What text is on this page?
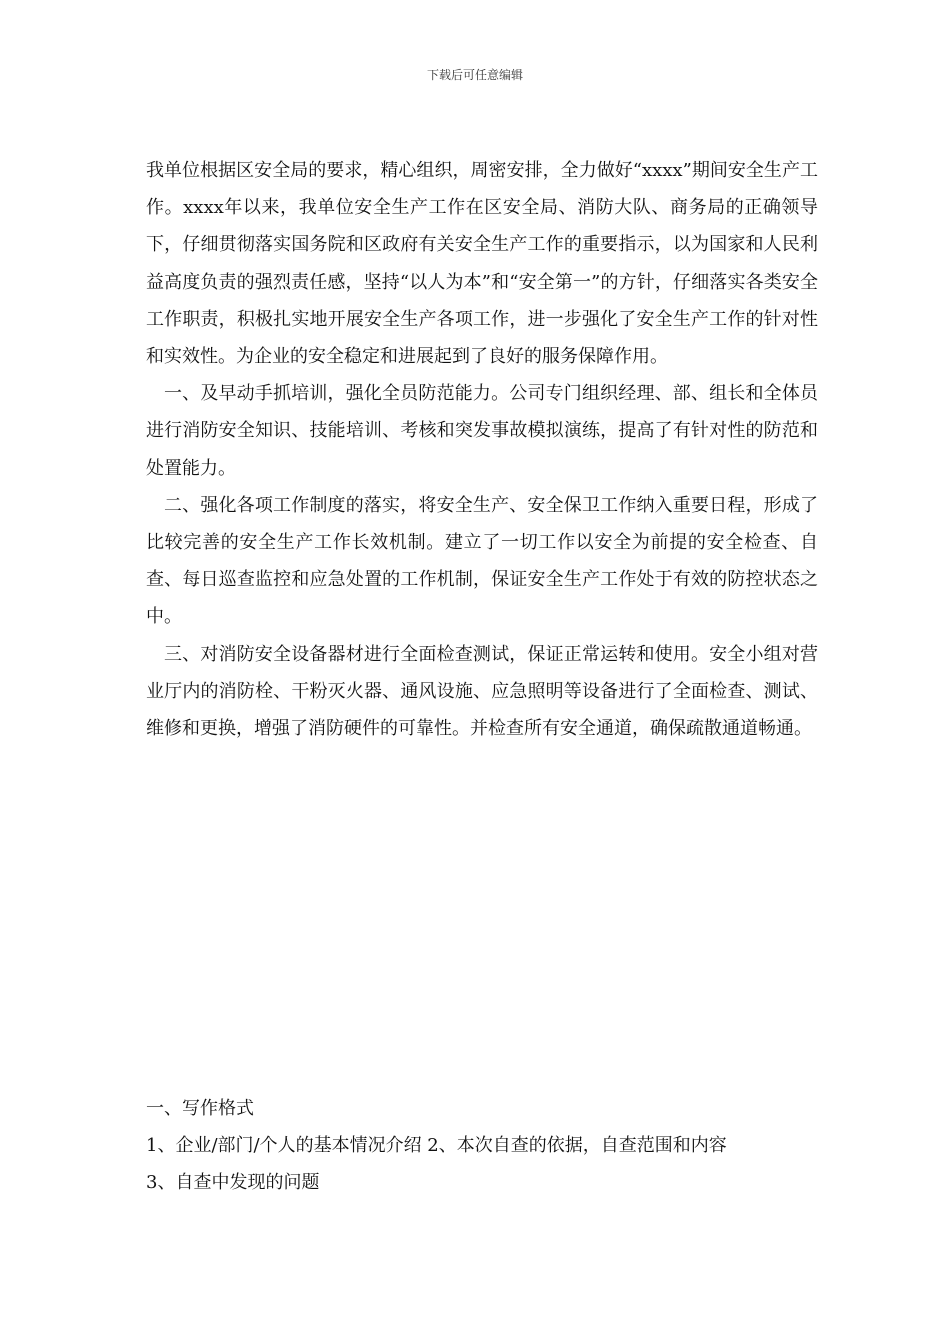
下载后可任意编辑

我单位根据区安全局的要求，精心组织，周密安排，全力做好“xxxx”期间安全生产工作。xxxx年以来，我单位安全生产工作在区安全局、消防大队、商务局的正确领导下，仔细贯彻落实国务院和区政府有关安全生产工作的重要指示，以为国家和人民利益高度负责的强烈责任感，坚持“以人为本”和“安全第一”的方针，仔细落实各类安全工作职责，积极扎实地开展安全生产各项工作，进一步强化了安全生产工作的针对性和实效性。为企业的安全稳定和进展起到了良好的服务保障作用。

一、及早动手抓培训，强化全员防范能力。公司专门组织经理、部、组长和全体员进行消防安全知识、技能培训、考核和突发事故模拟演练，提高了有针对性的防范和处置能力。

二、强化各项工作制度的落实，将安全生产、安全保卫工作纳入重要日程，形成了比较完善的安全生产工作长效机制。建立了一切工作以安全为前提的安全检查、自查、每日巡查监控和应急处置的工作机制，保证安全生产工作处于有效的防控状态之中。

三、对消防安全设备器材进行全面检查测试，保证正常运转和使用。安全小组对营业厅内的消防栓、干粉灭火器、通风设施、应急照明等设备进行了全面检查、测试、维修和更换，增强了消防硬件的可靠性。并检查所有安全通道，确保疏散通道畅通。

一、写作格式

1、企业/部门/个人的基本情况介绍 2、本次自查的依据，自查范围和内容

3、自查中发现的问题
